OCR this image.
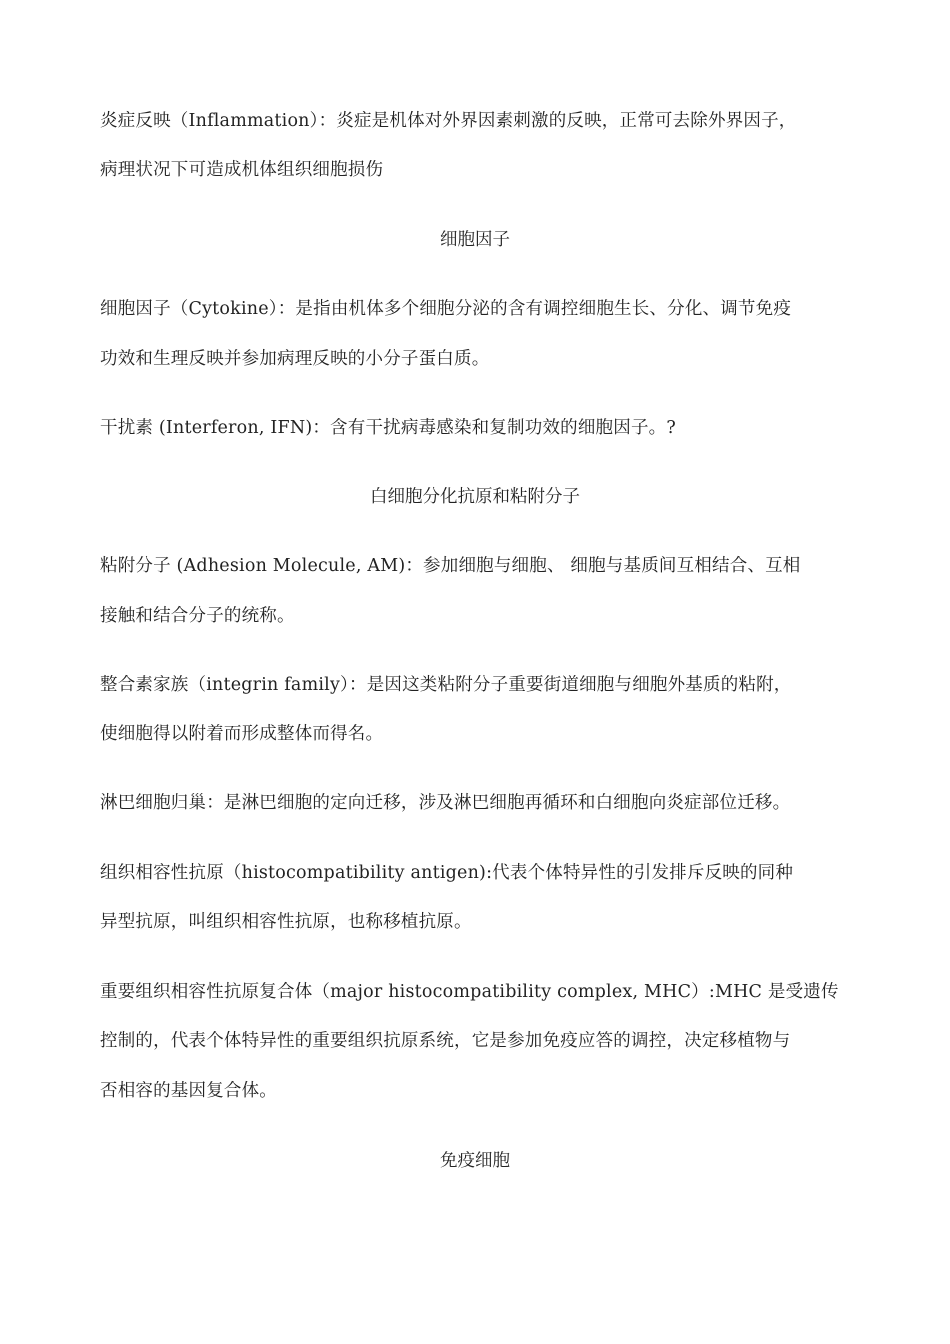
炎症反映（Inflammation）：炎症是机体对外界因素刺激的反映，正常可去除外界因子，
病理状况下可造成机体组织细胞损伤
细胞因子
细胞因子（Cytokine）：是指由机体多个细胞分泌的含有调控细胞生长、分化、调节免疫
功效和生理反映并参加病理反映的小分子蛋白质。
干扰素 (Interferon, IFN)：含有干扰病毒感染和复制功效的细胞因子。?
白细胞分化抗原和粘附分子
粘附分子 (Adhesion Molecule, AM)：参加细胞与细胞、 细胞与基质间互相结合、互相
接触和结合分子的统称。
整合素家族（integrin family）：是因这类粘附分子重要街道细胞与细胞外基质的粘附，
使细胞得以附着而形成整体而得名。
淋巴细胞归巢：是淋巴细胞的定向迁移，涉及淋巴细胞再循环和白细胞向炎症部位迁移。
组织相容性抗原（histocompatibility antigen):代表个体特异性的引发排斥反映的同种
异型抗原，叫组织相容性抗原，也称移植抗原。
重要组织相容性抗原复合体（major histocompatibility complex, MHC）:MHC 是受遗传
控制的，代表个体特异性的重要组织抗原系统，它是参加免疫应答的调控，决定移植物与
否相容的基因复合体。
免疫细胞
